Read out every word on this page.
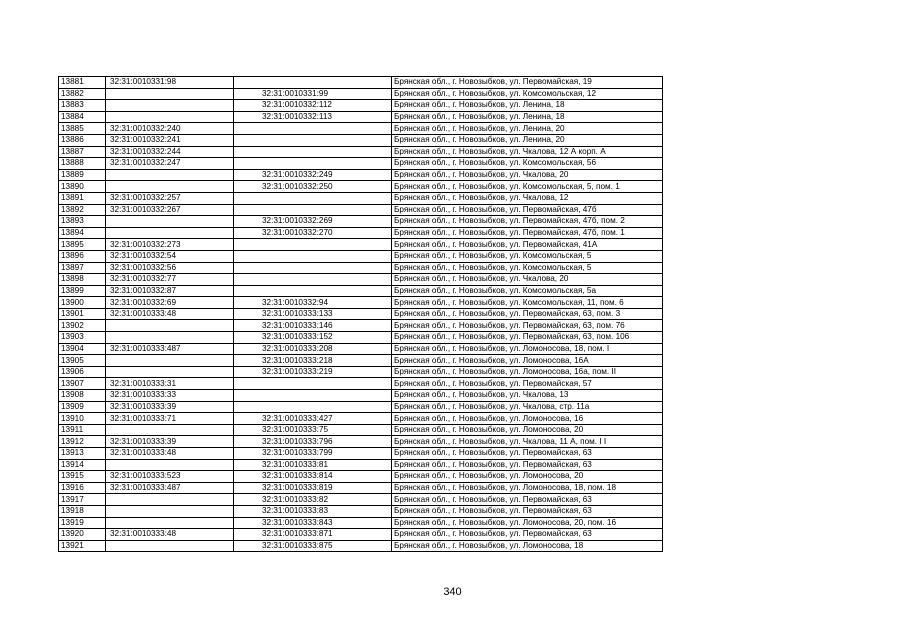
13881	32:31:0010331:98		Брянская обл., г. Новозыбков, ул. Первомайская, 19
13882		32:31:0010331:99	Брянская обл., г. Новозыбков, ул. Комсомольская, 12
13883		32:31:0010332:112	Брянская обл., г. Новозыбков, ул. Ленина, 18
13884		32:31:0010332:113	Брянская обл., г. Новозыбков, ул. Ленина, 18
13885	32:31:0010332:240		Брянская обл., г. Новозыбков, ул. Ленина, 20
13886	32:31:0010332:241		Брянская обл., г. Новозыбков, ул. Ленина, 20
13887	32:31:0010332:244		Брянская обл., г. Новозыбков, ул. Чкалова, 12 А корп. А
13888	32:31:0010332:247		Брянская обл., г. Новозыбков, ул. Комсомольская, 56
13889		32:31:0010332:249	Брянская обл., г. Новозыбков, ул. Чкалова, 20
13890		32:31:0010332:250	Брянская обл., г. Новозыбков, ул. Комсомольская, 5, пом. 1
13891	32:31:0010332:257		Брянская обл., г. Новозыбков, ул. Чкалова, 12
13892	32:31:0010332:267		Брянская обл., г. Новозыбков, ул. Первомайская, 47б
13893		32:31:0010332:269	Брянская обл., г. Новозыбков, ул. Первомайская, 47б, пом. 2
13894		32:31:0010332:270	Брянская обл., г. Новозыбков, ул. Первомайская, 47б, пом. 1
13895	32:31:0010332:273		Брянская обл., г. Новозыбков, ул. Первомайская, 41А
13896	32:31:0010332:54		Брянская обл., г. Новозыбков, ул. Комсомольская, 5
13897	32:31:0010332:56		Брянская обл., г. Новозыбков, ул. Комсомольская, 5
13898	32:31:0010332:77		Брянская обл., г. Новозыбков, ул. Чкалова, 20
13899	32:31:0010332:87		Брянская обл., г. Новозыбков, ул. Комсомольская, 5а
13900	32:31:0010332:69	32:31:0010332:94	Брянская обл., г. Новозыбков, ул. Комсомольская, 11, пом. 6
13901	32:31:0010333:48	32:31:0010333:133	Брянская обл., г. Новозыбков, ул. Первомайская, 63, пом. 3
13902		32:31:0010333:146	Брянская обл., г. Новозыбков, ул. Первомайская, 63, пом. 76
13903		32:31:0010333:152	Брянская обл., г. Новозыбков, ул. Первомайская, 63, пом. 106
13904	32:31:0010333:487	32:31:0010333:208	Брянская обл., г. Новозыбков, ул. Ломоносова, 18, пом. I
13905		32:31:0010333:218	Брянская обл., г. Новозыбков, ул. Ломоносова, 16А
13906		32:31:0010333:219	Брянская обл., г. Новозыбков, ул. Ломоносова, 16а, пом. II
13907	32:31:0010333:31		Брянская обл., г. Новозыбков, ул. Первомайская, 57
13908	32:31:0010333:33		Брянская обл., г. Новозыбков, ул. Чкалова, 13
13909	32:31:0010333:39		Брянская обл., г. Новозыбков, ул. Чкалова, стр. 11а
13910	32:31:0010333:71	32:31:0010333:427	Брянская обл., г. Новозыбков, ул. Ломоносова, 16
13911		32:31:0010333:75	Брянская обл., г. Новозыбков, ул. Ломоносова, 20
13912	32:31:0010333:39	32:31:0010333:796	Брянская обл., г. Новозыбков, ул. Чкалова, 11 А, пом. I I
13913	32:31:0010333:48	32:31:0010333:799	Брянская обл., г. Новозыбков, ул. Первомайская, 63
13914		32:31:0010333:81	Брянская обл., г. Новозыбков, ул. Первомайская, 63
13915	32:31:0010333:523	32:31:0010333:814	Брянская обл., г. Новозыбков, ул. Ломоносова, 20
13916	32:31:0010333:487	32:31:0010333:819	Брянская обл., г. Новозыбков, ул. Ломоносова, 18, пом. 18
13917		32:31:0010333:82	Брянская обл., г. Новозыбков, ул. Первомайская, 63
13918		32:31:0010333:83	Брянская обл., г. Новозыбков, ул. Первомайская, 63
13919		32:31:0010333:843	Брянская обл., г. Новозыбков, ул. Ломоносова, 20, пом. 16
13920	32:31:0010333:48	32:31:0010333:871	Брянская обл., г. Новозыбков, ул. Первомайская, 63
13921		32:31:0010333:875	Брянская обл., г. Новозыбков, ул. Ломоносова, 18
340
